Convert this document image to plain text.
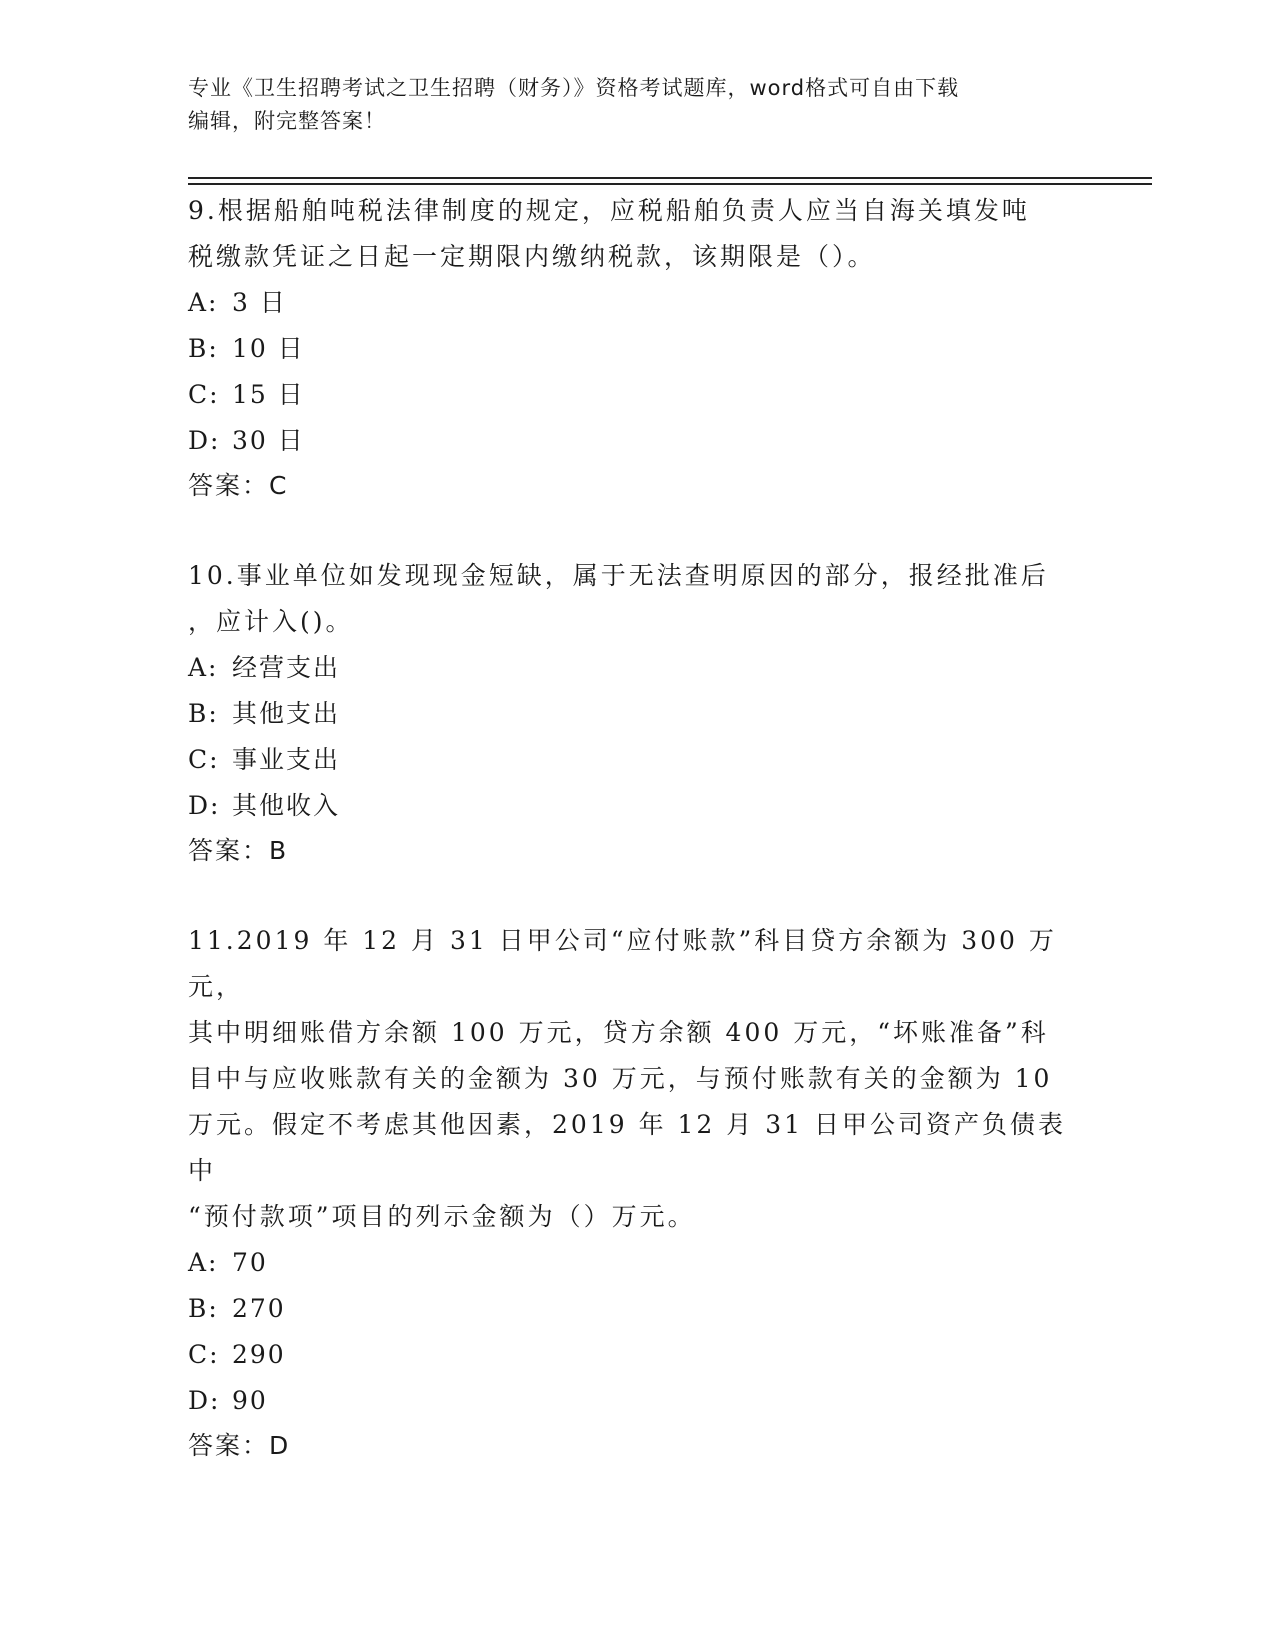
专业《卫生招聘考试之卫生招聘（财务）》资格考试题库，word格式可自由下载
编辑，附完整答案！

9.根据船舶吨税法律制度的规定，应税船舶负责人应当自海关填发吨

税缴款凭证之日起一定期限内缴纳税款，该期限是（）。

A: 3 日

B: 10 日

C: 15 日

D: 30 日

答案：C

10.事业单位如发现现金短缺，属于无法查明原因的部分，报经批准后

，应计入()。

A: 经营支出

B: 其他支出

C: 事业支出

D: 其他收入

答案：B

11.2019 年 12 月 31 日甲公司“应付账款”科目贷方余额为 300 万元，

其中明细账借方余额 100 万元，贷方余额 400 万元，“坏账准备”科

目中与应收账款有关的金额为 30 万元，与预付账款有关的金额为 10

万元。假定不考虑其他因素，2019 年 12 月 31 日甲公司资产负债表中

“预付款项”项目的列示金额为（）万元。

A: 70

B: 270

C: 290

D: 90

答案：D
